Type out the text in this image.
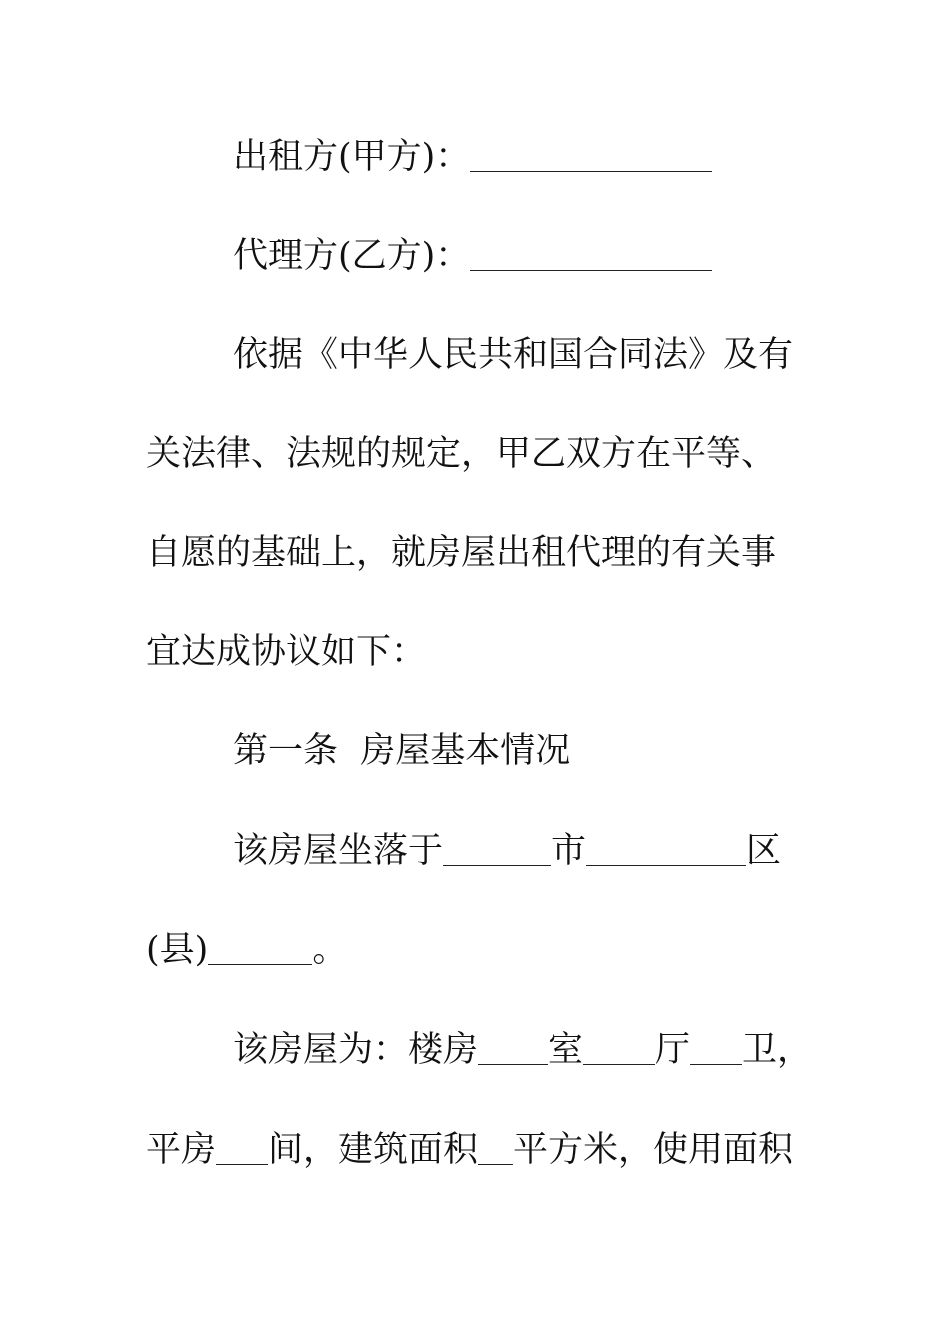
出租方(甲方)：
代理方(乙方)：
依据《中华人民共和国合同法》及有
关法律、法规的规定，甲乙双方在平等、
自愿的基础上，就房屋出租代理的有关事
宜达成协议如下：
第一条  房屋基本情况
该房屋坐落于	市	区
(县)	。
该房屋为：楼房 室 厅 卫，
平房 间，建筑面积 平方米，使用面积
